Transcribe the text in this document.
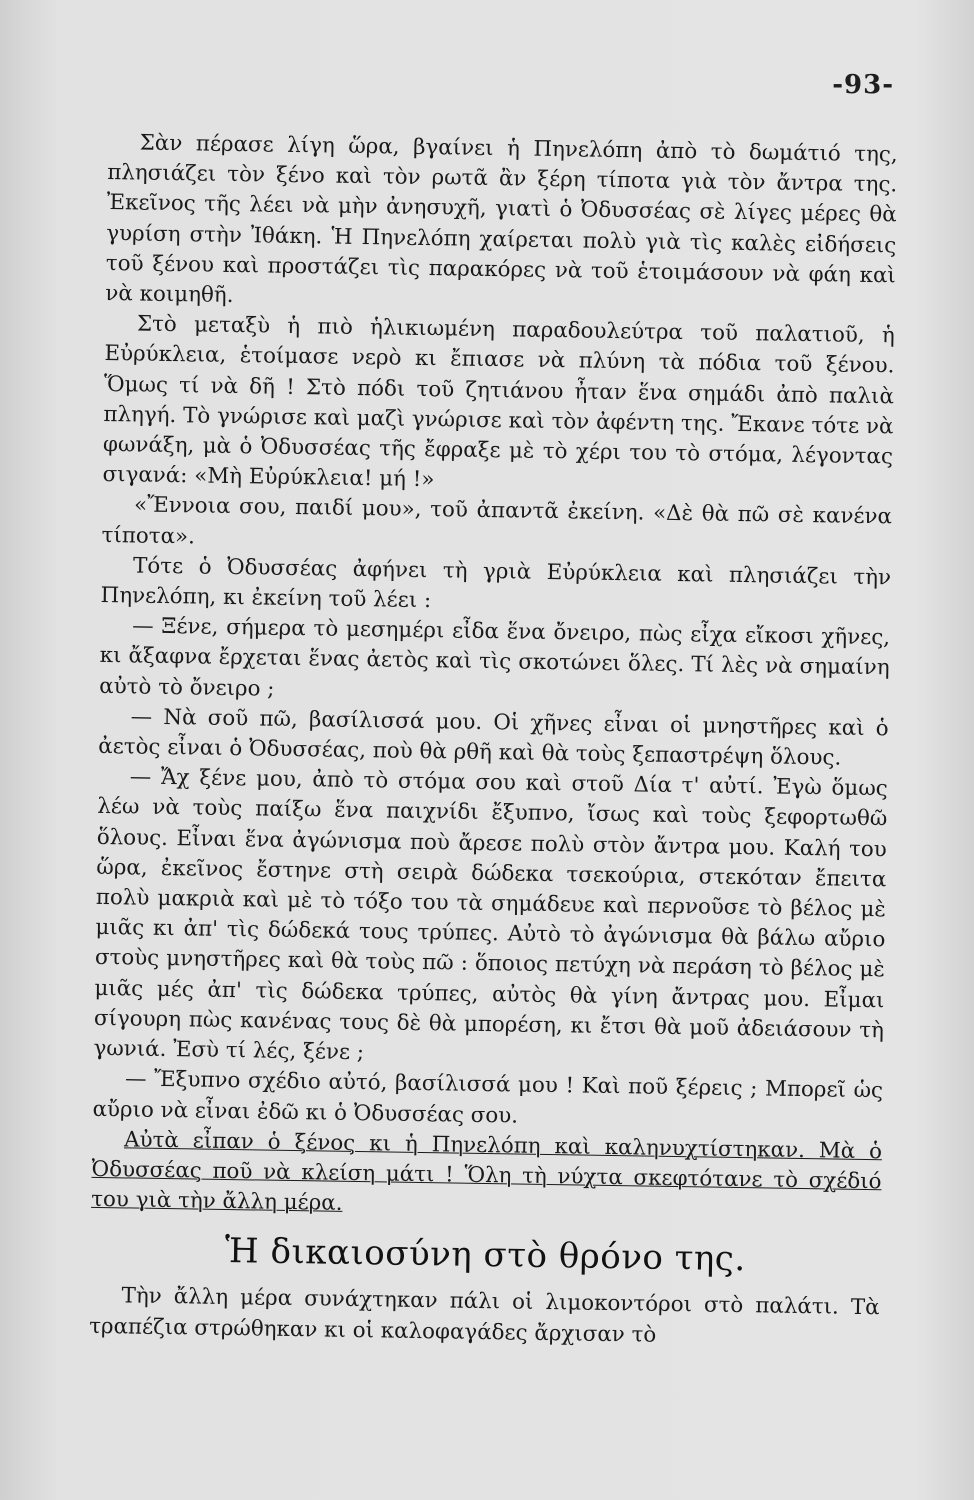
-93-

Σὰν πέρασε λίγη ὥρα, βγαίνει ἡ Πηνελόπη ἀπὸ τὸ δωμάτιό της, πλησιάζει τὸν ξένο καὶ τὸν ρωτᾶ ἂν ξέρη τίποτα γιὰ τὸν ἄντρα της. Ἐκεῖνος τῆς λέει νὰ μὴν ἀνησυχῆ, γιατὶ ὁ Ὀδυσσέας σὲ λίγες μέρες θὰ γυρίση στὴν Ἰθάκη. Ἡ Πηνελόπη χαίρεται πολὺ γιὰ τὶς καλὲς εἰδήσεις τοῦ ξένου καὶ προστάζει τὶς παρακόρες νὰ τοῦ ἑτοιμάσουν νὰ φάη καὶ νὰ κοιμηθῆ.

Στὸ μεταξὺ ἡ πιὸ ἡλικιωμένη παραδουλεύτρα τοῦ παλατιοῦ, ἡ Εὐρύκλεια, ἑτοίμασε νερὸ κι ἔπιασε νὰ πλύνη τὰ πόδια τοῦ ξένου. Ὅμως τί νὰ δῆ ! Στὸ πόδι τοῦ ζητιάνου ἦταν ἕνα σημάδι ἀπὸ παλιὰ πληγή. Τὸ γνώρισε καὶ μαζὶ γνώρισε καὶ τὸν ἀφέντη της. Ἔκανε τότε νὰ φωνάξη, μὰ ὁ Ὀδυσσέας τῆς ἔφραξε μὲ τὸ χέρι του τὸ στόμα, λέγοντας σιγανά: «Μὴ Εὐρύκλεια! μή !»

«Ἔννοια σου, παιδί μου», τοῦ ἀπαντᾶ ἐκείνη. «Δὲ θὰ πῶ σὲ κανένα τίποτα».

Τότε ὁ Ὀδυσσέας ἀφήνει τὴ γριὰ Εὐρύκλεια καὶ πλησιάζει τὴν Πηνελόπη, κι ἐκείνη τοῦ λέει :

— Ξένε, σήμερα τὸ μεσημέρι εἶδα ἕνα ὄνειρο, πὼς εἶχα εἴκοσι χῆνες, κι ἄξαφνα ἔρχεται ἕνας ἀετὸς καὶ τὶς σκοτώνει ὅλες. Τί λὲς νὰ σημαίνη αὐτὸ τὸ ὄνειρο ;

— Νὰ σοῦ πῶ, βασίλισσά μου. Οἱ χῆνες εἶναι οἱ μνηστῆρες καὶ ὁ ἀετὸς εἶναι ὁ Ὀδυσσέας, ποὺ θὰ ρθῆ καὶ θὰ τοὺς ξεπαστρέψη ὅλους.

— Ἄχ ξένε μου, ἀπὸ τὸ στόμα σου καὶ στοῦ Δία τ' αὐτί. Ἐγὼ ὅμως λέω νὰ τοὺς παίξω ἕνα παιχνίδι ἔξυπνο, ἴσως καὶ τοὺς ξεφορτωθῶ ὅλους. Εἶναι ἕνα ἀγώνισμα ποὺ ἄρεσε πολὺ στὸν ἄντρα μου. Καλή του ὥρα, ἐκεῖνος ἔστηνε στὴ σειρὰ δώδεκα τσεκούρια, στεκόταν ἔπειτα πολὺ μακριὰ καὶ μὲ τὸ τόξο του τὰ σημάδευε καὶ περνοῦσε τὸ βέλος μὲ μιᾶς κι ἀπ' τὶς δώδεκά τους τρύπες. Αὐτὸ τὸ ἀγώνισμα θὰ βάλω αὔριο στοὺς μνηστῆρες καὶ θὰ τοὺς πῶ : ὅποιος πετύχη νὰ περάση τὸ βέλος μὲ μιᾶς μές ἀπ' τὶς δώδεκα τρύπες, αὐτὸς θὰ γίνη ἄντρας μου. Εἶμαι σίγουρη πὼς κανένας τους δὲ θὰ μπορέση, κι ἔτσι θὰ μοῦ ἀδειάσουν τὴ γωνιά. Ἐσὺ τί λές, ξένε ;

— Ἔξυπνο σχέδιο αὐτό, βασίλισσά μου ! Καὶ ποῦ ξέρεις ; Μπορεῖ ὡς αὔριο νὰ εἶναι ἐδῶ κι ὁ Ὀδυσσέας σου.

Αὐτὰ εἶπαν ὁ ξένος κι ἡ Πηνελόπη καὶ καληνυχτίστηκαν. Μὰ ὁ Ὀδυσσέας ποῦ νὰ κλείση μάτι ! Ὅλη τὴ νύχτα σκεφτότανε τὸ σχέδιό του γιὰ τὴν ἄλλη μέρα.

Ἡ δικαιοσύνη στὸ θρόνο της.

Τὴν ἄλλη μέρα συνάχτηκαν πάλι οἱ λιμοκοντόροι στὸ παλάτι. Τὰ τραπέζια στρώθηκαν κι οἱ καλοφαγάδες ἄρχισαν τὸ
